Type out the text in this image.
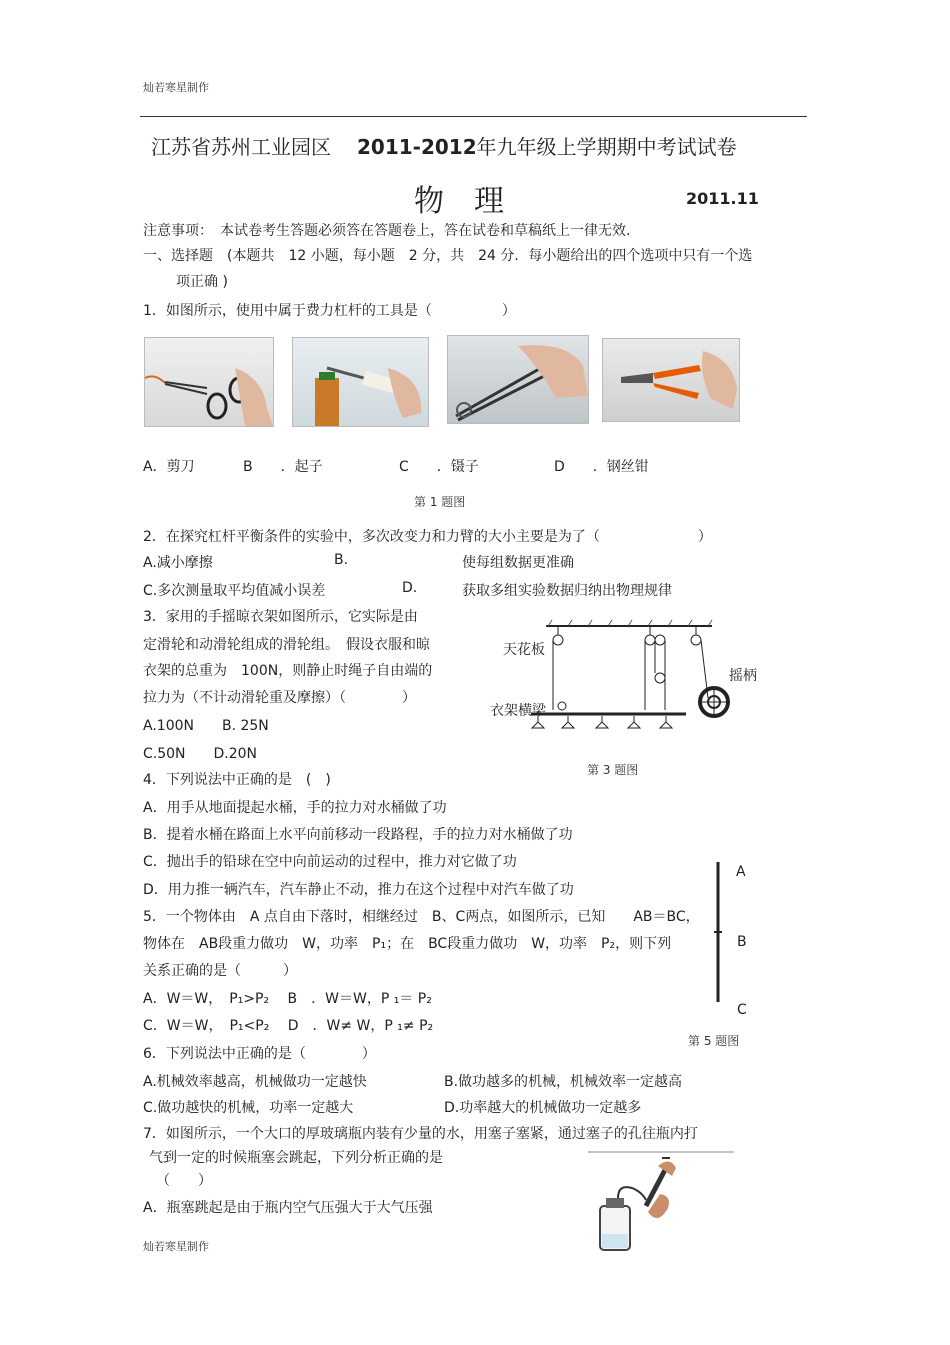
灿若寒星制作
江苏省苏州工业园区 2011-2012年九年级上学期期中考试试卷
物　理	2011.11
注意事项：　本试卷考生答题必须答在答题卷上，答在试卷和草稿纸上一律无效.
一、选择题　(本题共　12 小题，每小题　2 分，共　24 分．每小题给出的四个选项中只有一个选
项正确 )
1．如图所示，使用中属于费力杠杆的工具是（　　　　　）
A．剪刀	B　　．起子	C　　．镊子	D　　．钢丝钳
第 1 题图
2．在探究杠杆平衡条件的实验中，多次改变力和力臂的大小主要是为了（　　　　　　　）
A.减小摩擦	B.	使每组数据更准确
C.多次测量取平均值减小误差	D.	获取多组实验数据归纳出物理规律
3．家用的手摇晾衣架如图所示，它实际是由
定滑轮和动滑轮组成的滑轮组。　假设衣服和晾
衣架的总重为　100N，则静止时绳子自由端的
拉力为（不计动滑轮重及摩擦）（　　　　）
A.100N　　B. 25N
C.50N　　D.20N
天花板
摇柄
衣架横梁
第 3 题图
4．下列说法中正确的是　(　)
A．用手从地面提起水桶，手的拉力对水桶做了功
B．提着水桶在路面上水平向前移动一段路程，手的拉力对水桶做了功
C．抛出手的铅球在空中向前运动的过程中，推力对它做了功
D．用力推一辆汽车，汽车静止不动，推力在这个过程中对汽车做了功
A
B
C
第 5 题图
5．一个物体由　A 点自由下落时，相继经过　B、C两点，如图所示，已知　　AB＝BC，
物体在　AB段重力做功　W，功率　P₁；在　BC段重力做功　W，功率　P₂，则下列
关系正确的是（　　　）
A．W＝W，　P₁>P₂　 B　．W＝W，P ₁＝ P₂
C．W＝W，　P₁<P₂　 D　．W≠ W，P ₁≠ P₂
6．下列说法中正确的是（　　　　）
A.机械效率越高，机械做功一定越快	B.做功越多的机械，机械效率一定越高
C.做功越快的机械，功率一定越大	D.功率越大的机械做功一定越多
7．如图所示，一个大口的厚玻璃瓶内装有少量的水，用塞子塞紧，通过塞子的孔往瓶内打
气到一定的时候瓶塞会跳起，下列分析正确的是
（　　）
A．瓶塞跳起是由于瓶内空气压强大于大气压强
灿若寒星制作
